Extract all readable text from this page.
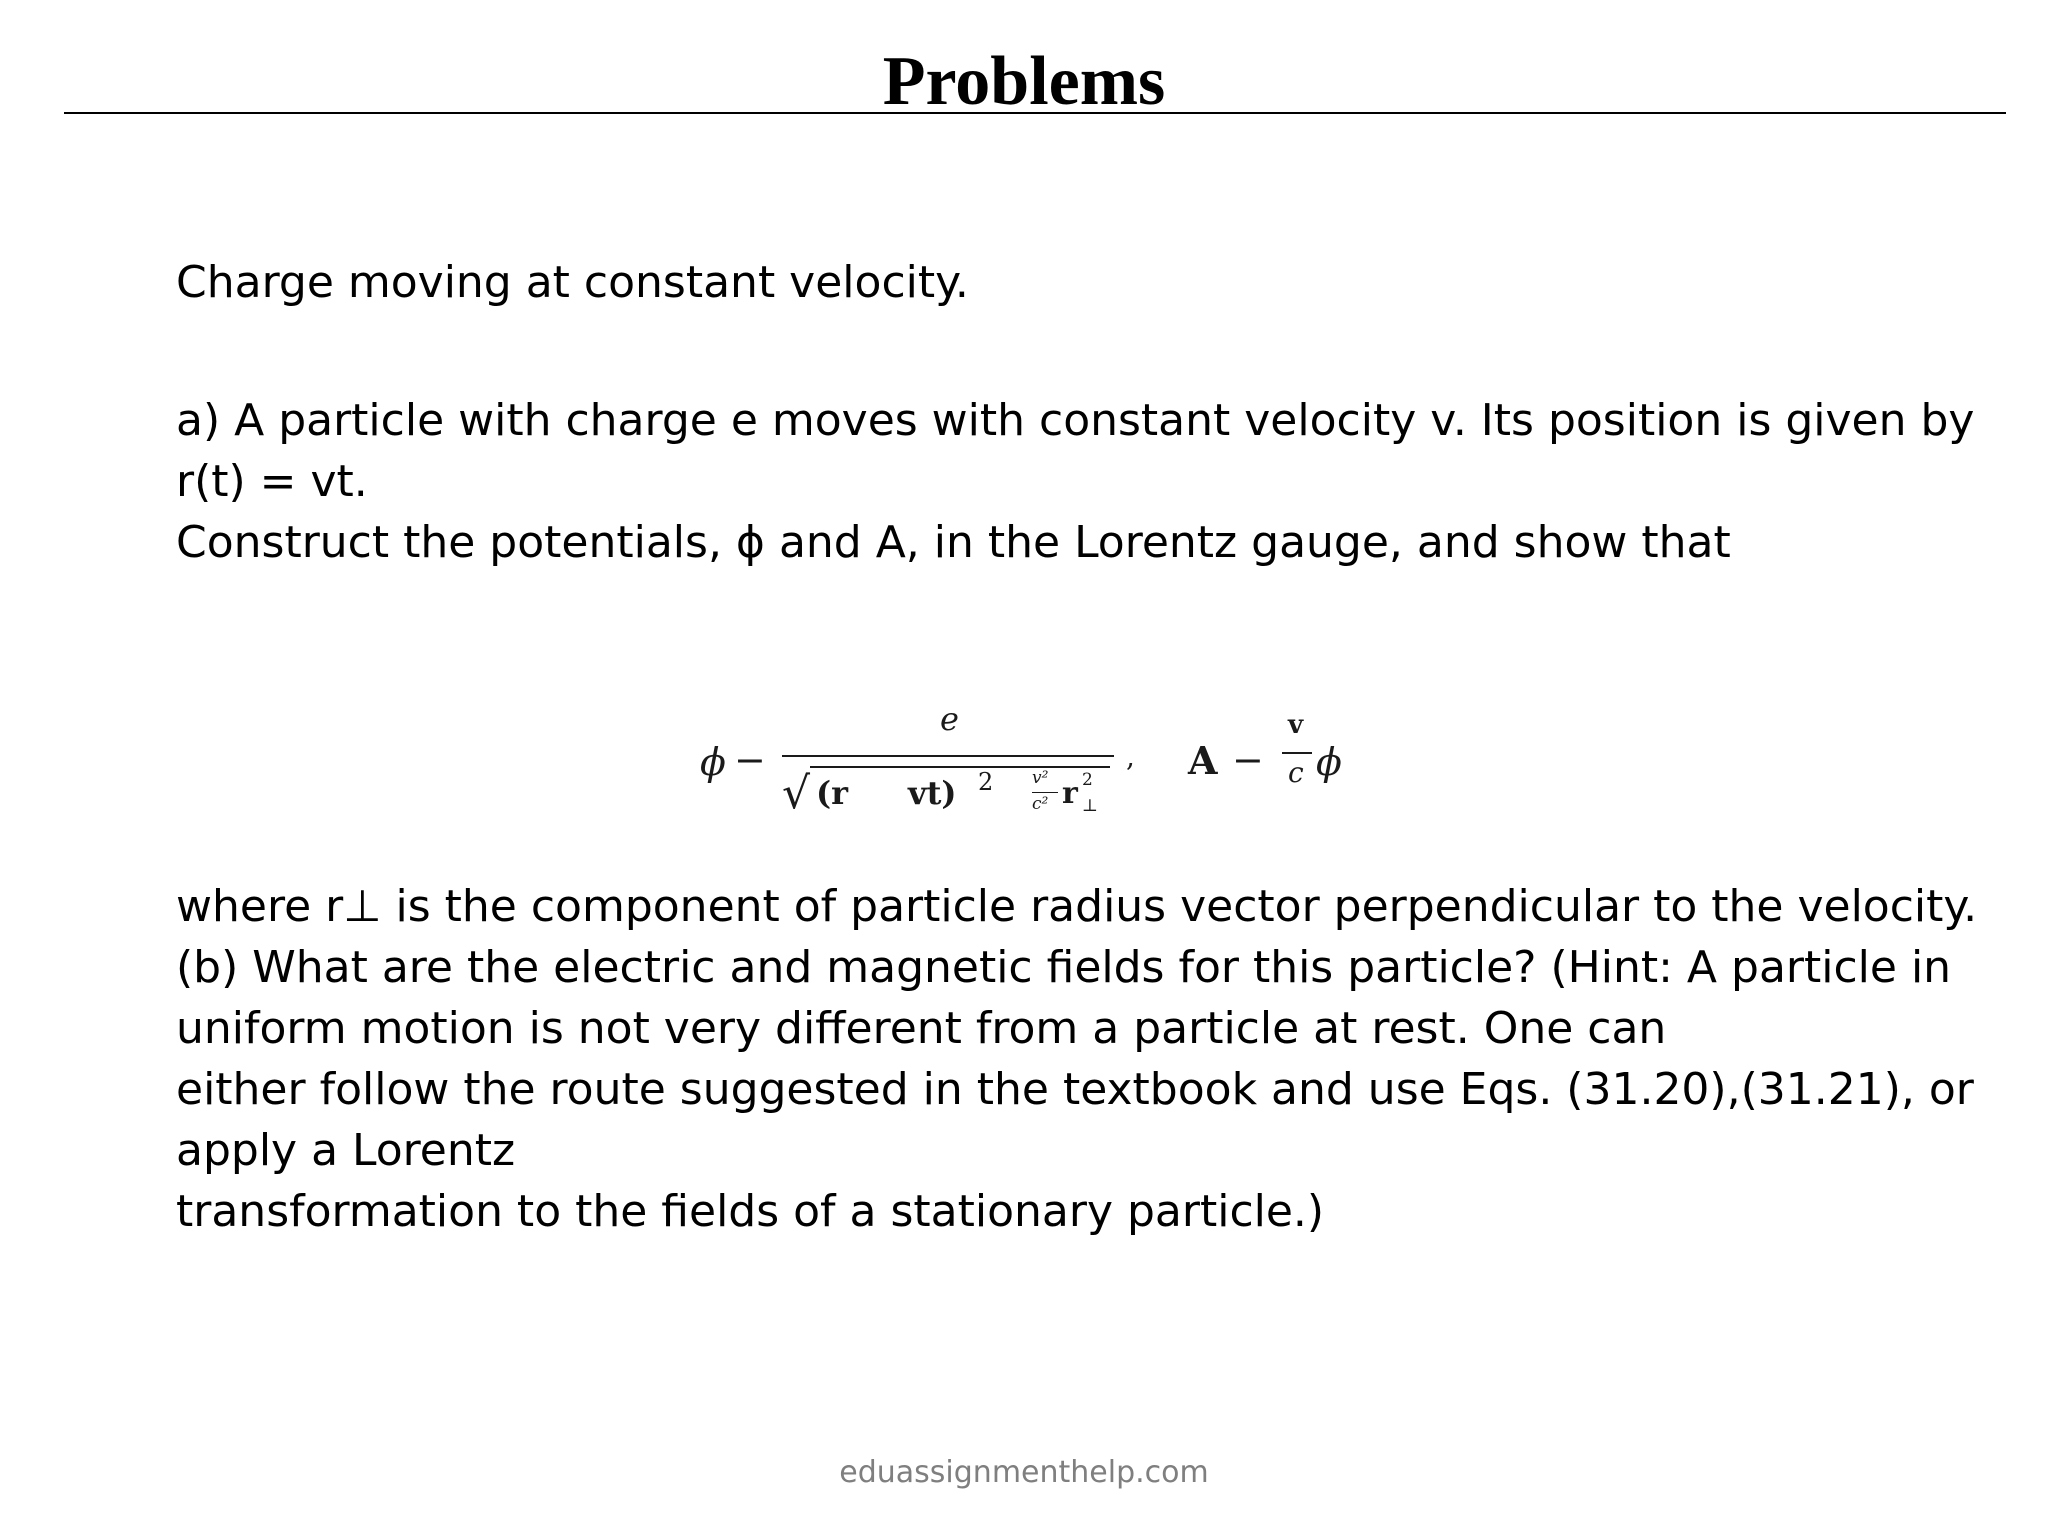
Problems

Charge moving at constant velocity.

a) A particle with charge e moves with constant velocity v. Its position is given by
r(t) = vt.
Construct the potentials, ϕ and A, in the Lorentz gauge, and show that

ϕ −
e
√ (r vt) 2 v²
c² r 2
⊥
, A −
v
c ϕ

where r⊥ is the component of particle radius vector perpendicular to the velocity.
(b) What are the electric and magnetic fields for this particle? (Hint: A particle in
uniform motion is not very different from a particle at rest. One can
either follow the route suggested in the textbook and use Eqs. (31.20),(31.21), or
apply a Lorentz
transformation to the fields of a stationary particle.)

eduassignmenthelp.com
